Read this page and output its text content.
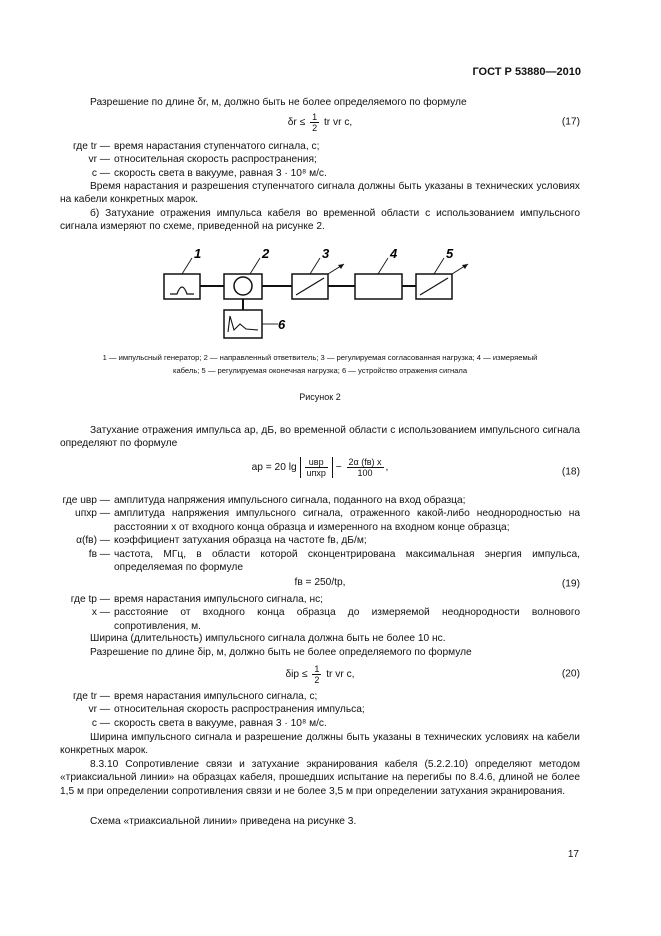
ГОСТ Р 53880—2010
Разрешение по длине δr, м, должно быть не более определяемого по формуле
$\delta r \le \frac{1}{2}$ tr vr c,	(17)
где tr — время нарастания ступенчатого сигнала, с;
vr — относительная скорость распространения;
c — скорость света в вакууме, равная 3 · 10⁸ м/с.
Время нарастания и разрешения ступенчатого сигнала должны быть указаны в технических условиях на кабели конкретных марок.
б) Затухание отражения импульса кабеля во временной области с использованием импульсного сигнала измеряют по схеме, приведенной на рисунке 2.
1	2	3	4	5
6
1 — импульсный генератор; 2 — направленный ответвитель; 3 — регулируемая согласованная нагрузка; 4 — измеряемый
кабель; 5 — регулируемая оконечная нагрузка; 6 — устройство отражения сигнала
Рисунок 2
Затухание отражения импульса ap, дБ, во временной области с использованием импульсного сигнала определяют по формуле
ap = 20 $\lg \frac{\text{uвр}}{\text{uпхр}} - \frac{2\alpha (fв) x}{100}$ ,	(18)
где uвр — амплитуда напряжения импульсного сигнала, поданного на вход образца;
uпхр — амплитуда напряжения импульсного сигнала, отраженного какой-либо неоднородностью на расстоянии x от входного конца образца и измеренного на входном конце образца;
α(fв) — коэффициент затухания образца на частоте fв, дБ/м;
fв — частота, МГц, в области которой сконцентрирована максимальная энергия импульса, определяемая по формуле
fв = 250/tр,	(19)
где tр — время нарастания импульсного сигнала, нс;
x — расстояние от входного конца образца до измеряемой неоднородности волнового сопротивления, м.
Ширина (длительность) импульсного сигнала должна быть не более 10 нс.
Разрешение по длине δip, м, должно быть не более определяемого по формуле
$\delta ip \le \frac{1}{2}$ tr vr c,	(20)
где tr — время нарастания импульсного сигнала, с;
vr — относительная скорость распространения импульса;
c — скорость света в вакууме, равная 3 · 10⁸ м/с.
Ширина импульсного сигнала и разрешение должны быть указаны в технических условиях на кабели конкретных марок.
8.3.10 Сопротивление связи и затухание экранирования кабеля (5.2.2.10) определяют методом «триаксиальной линии» на образцах кабеля, прошедших испытание на перегибы по 8.4.6, длиной не более 1,5 м при определении сопротивления связи и не более 3,5 м при определении затухания экранирования.
Схема «триаксиальной линии» приведена на рисунке 3.
17
